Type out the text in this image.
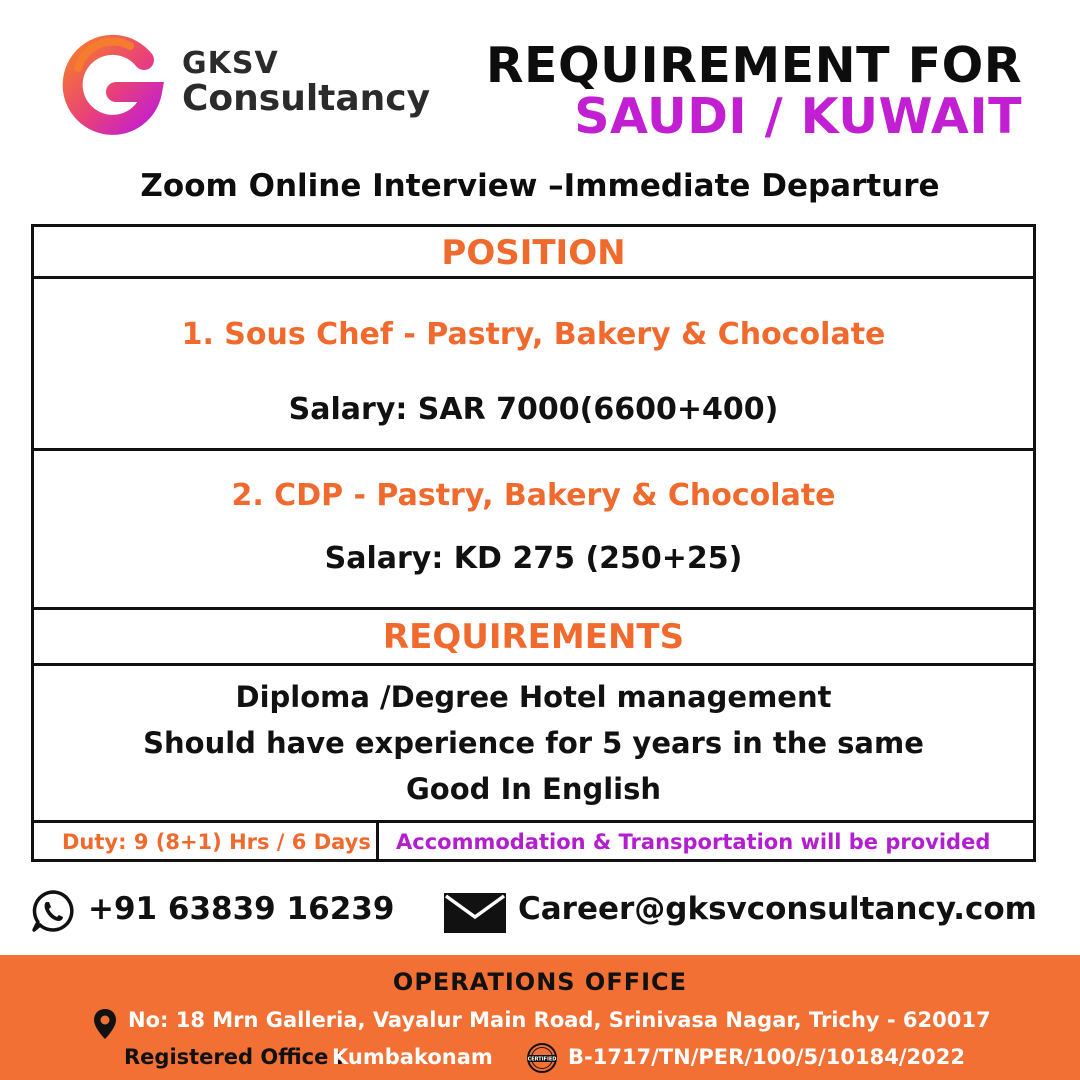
GKSV
Consultancy
REQUIREMENT FOR
SAUDI / KUWAIT
Zoom Online Interview –Immediate Departure
POSITION
1. Sous Chef - Pastry, Bakery & Chocolate
Salary: SAR 7000(6600+400)
2. CDP - Pastry, Bakery & Chocolate
Salary: KD 275 (250+25)
REQUIREMENTS
Diploma /Degree Hotel management
Should have experience for 5 years in the same
Good In English
Duty: 9 (8+1) Hrs / 6 Days Accommodation & Transportation will be provided
+91 63839 16239	Career@gksvconsultancy.com
OPERATIONS OFFICE
No: 18 Mrn Galleria, Vayalur Main Road, Srinivasa Nagar, Trichy - 620017
Registered Office :
Kumbakonam	CERTIFIED B-1717/TN/PER/100/5/10184/2022
